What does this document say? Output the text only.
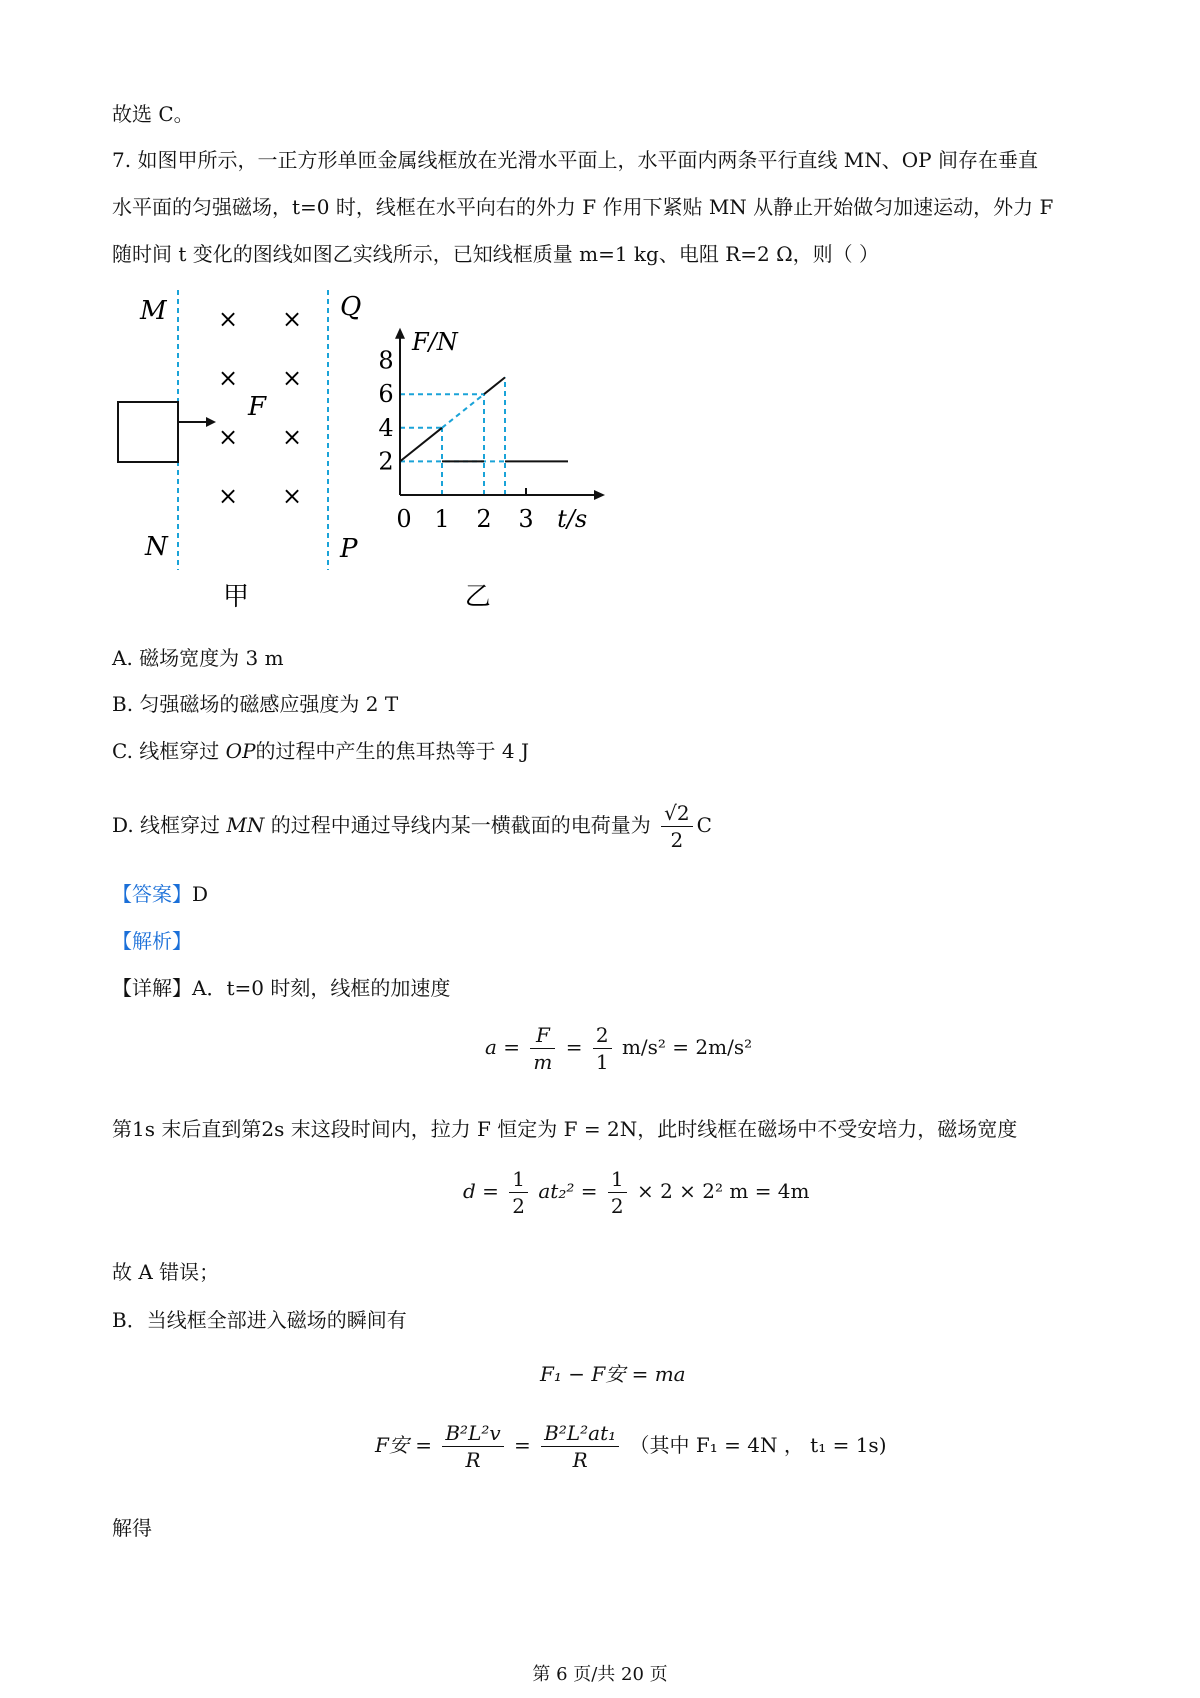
故选 C。
7. 如图甲所示，一正方形单匝金属线框放在光滑水平面上，水平面内两条平行直线 MN、OP 间存在垂直
水平面的匀强磁场，t=0 时，线框在水平向右的外力 F 作用下紧贴 MN 从静止开始做匀加速运动，外力 F
随时间 t 变化的图线如图乙实线所示，已知线框质量 m=1 kg、电阻 R=2 Ω，则（ ）
M
N
Q
P
× ×
× ×
× ×
× ×
F
甲
0 1 2 3
2
4
6
8
F/N
t/s
乙
A. 磁场宽度为 3 m
B. 匀强磁场的磁感应强度为 2 T
C. 线框穿过 OP的过程中产生的焦耳热等于 4 J
D. 线框穿过 MN 的过程中通过导线内某一横截面的电荷量为 $\frac{√2}{2}$ C
【答案】D
【解析】
【详解】A．t=0 时刻，线框的加速度
$a = \frac{F}{m} = \frac{2}{1} m/s^2 = 2m/s^2$
第1s 末后直到第2s 末这段时间内，拉力 F 恒定为 F = 2N，此时线框在磁场中不受安培力，磁场宽度
$d = \frac{1}{2} at_2^2 = \frac{1}{2} \times 2 \times 2^2$ m = 4m
故 A 错误；
B．当线框全部进入磁场的瞬间有
F₁ − F安 = ma
F安 = $\frac{\text{B²L²v}}{R} = \frac{\text{B²L²at₁}}{R}$ （其中 F₁ = 4N ， t₁ = 1s)
解得
第 6 页/共 20 页
